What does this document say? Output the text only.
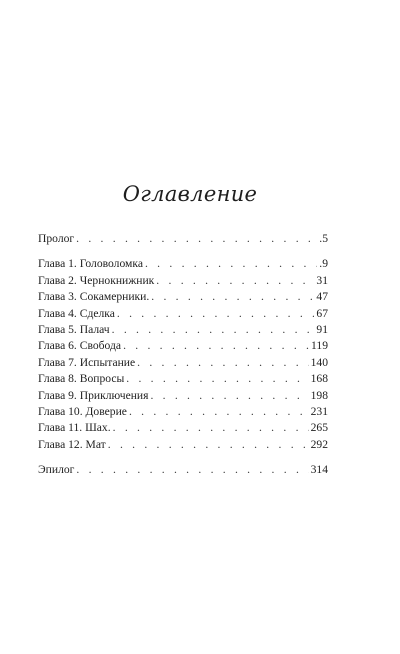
Оглавление
Пролог . . .	.5
Глава 1. Головоломка . . .	.9
Глава 2. Чернокнижник . . .	31
Глава 3. Сокамерники. . . .	47
Глава 4. Сделка . . .	67
Глава 5. Палач . . .	91
Глава 6. Свобода . . .	119
Глава 7. Испытание . . .	140
Глава 8. Вопросы . . .	168
Глава 9. Приключения . . .	198
Глава 10. Доверие . . .	231
Глава 11. Шах. . . .	265
Глава 12. Мат . . .	292
Эпилог . . .	314
